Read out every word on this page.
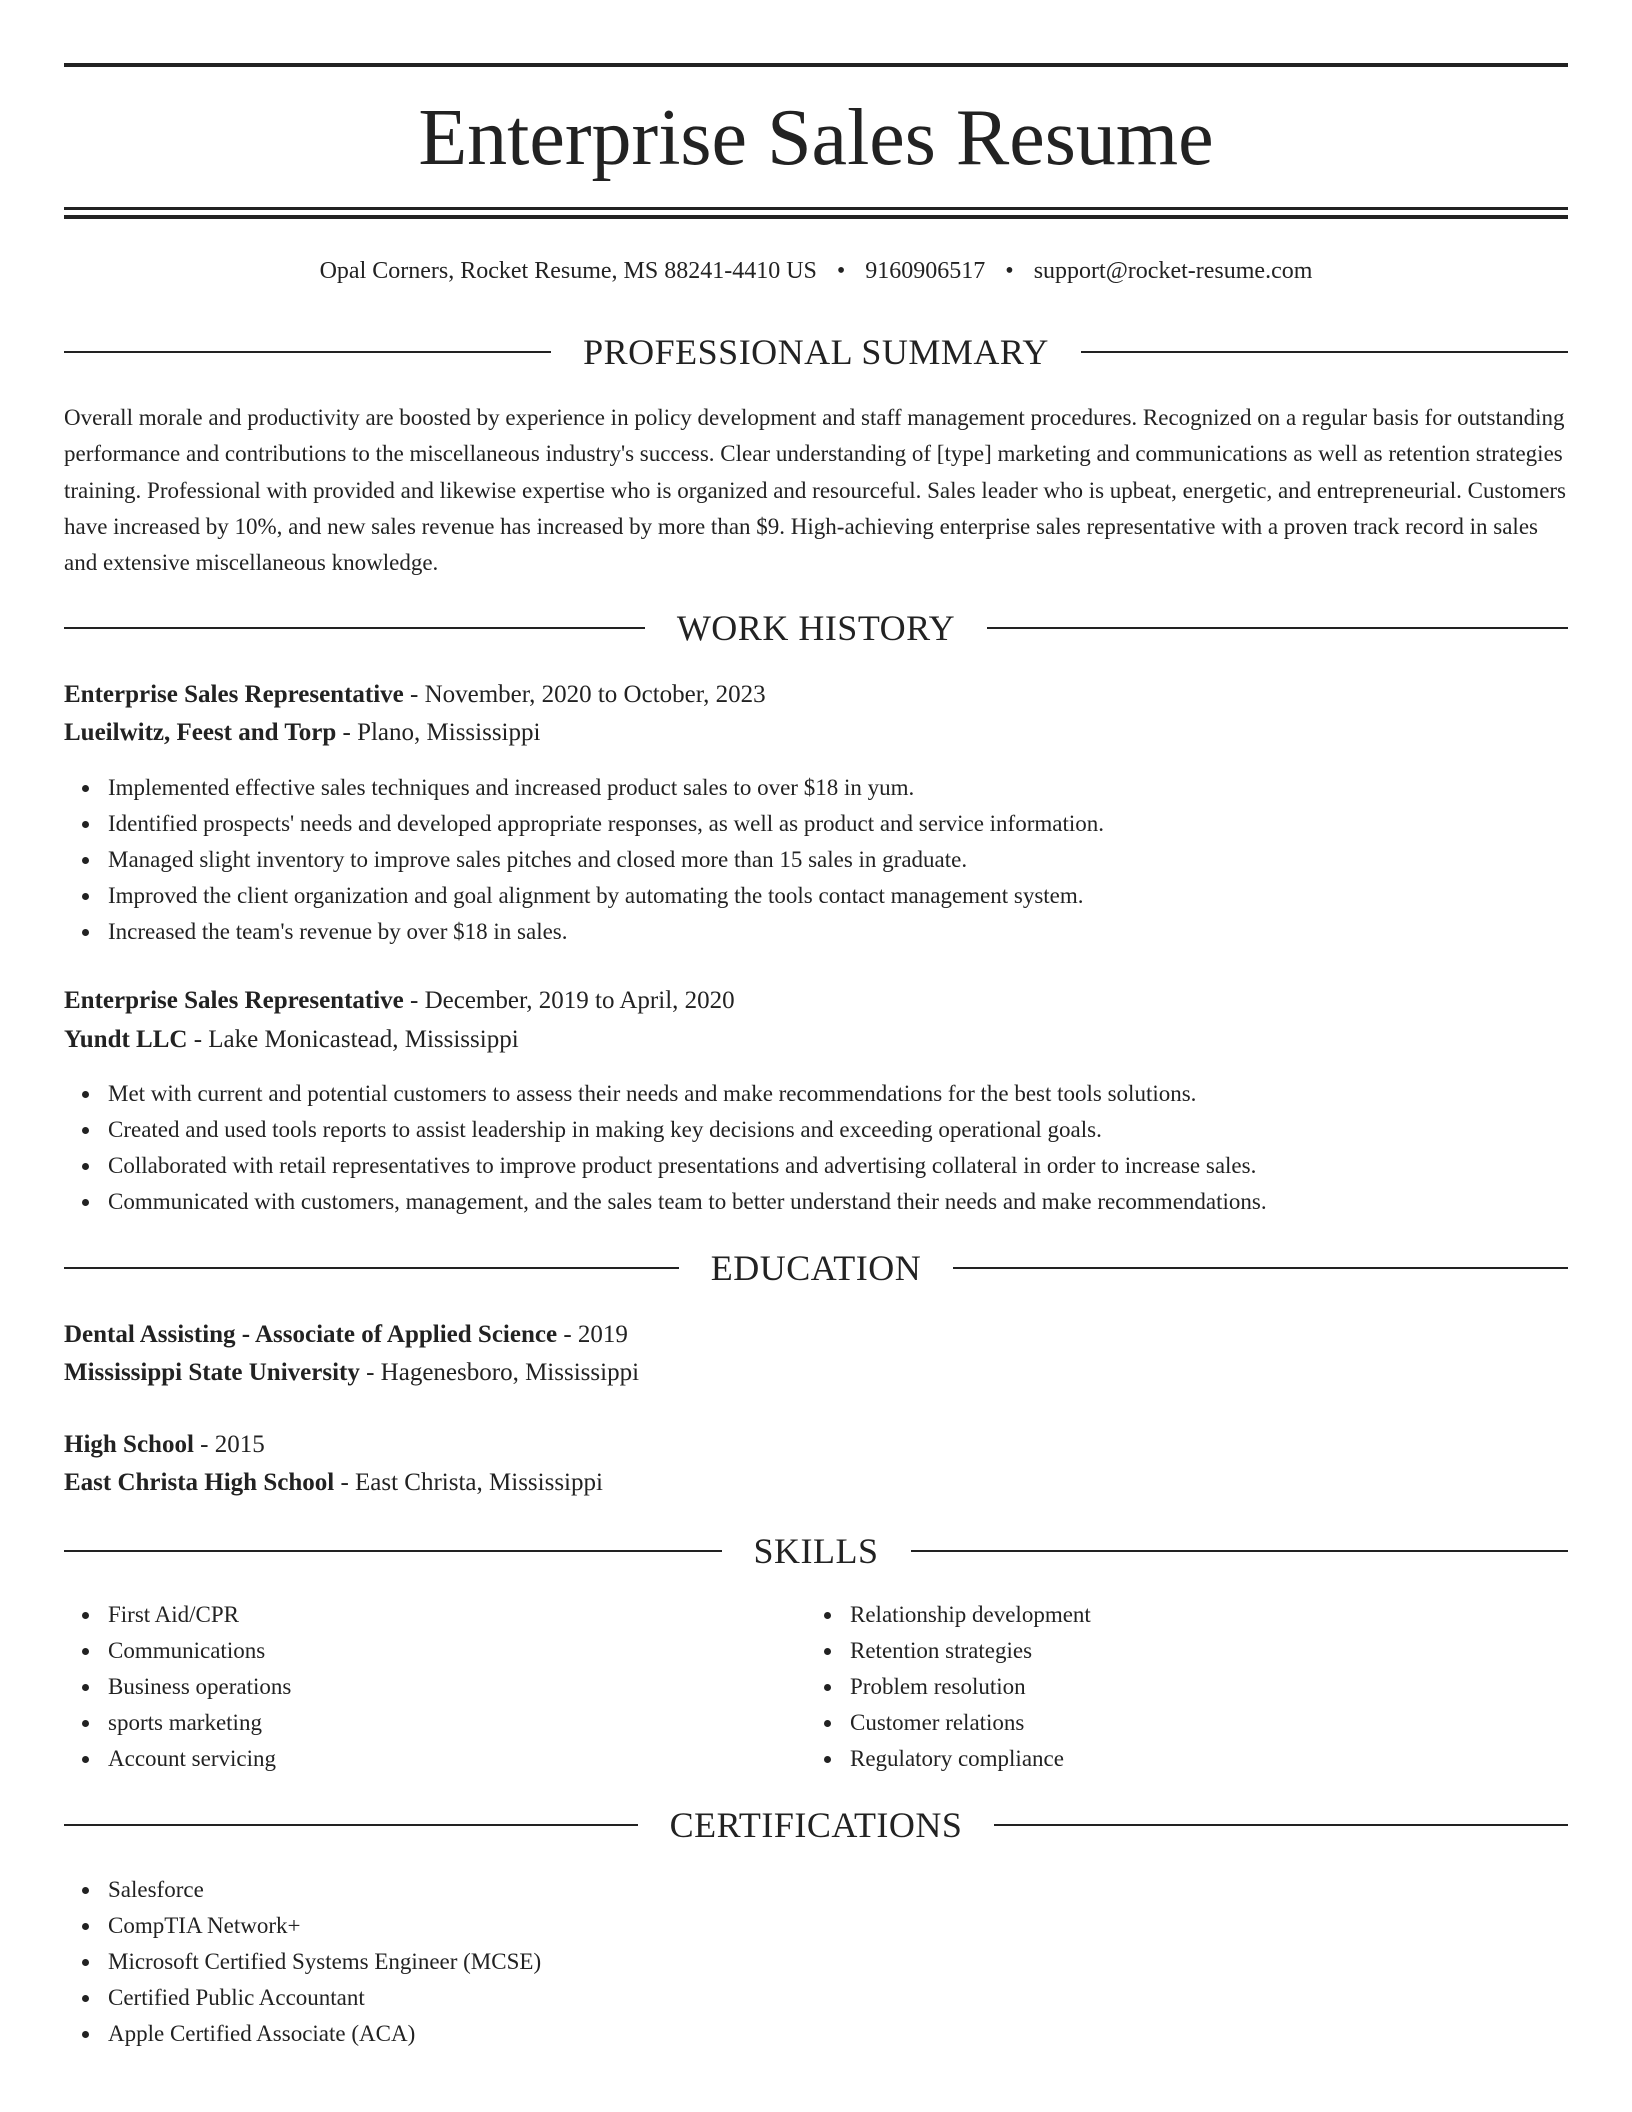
Enterprise Sales Resume
Opal Corners, Rocket Resume, MS 88241-4410 US • 9160906517 • support@rocket-resume.com
PROFESSIONAL SUMMARY

Overall morale and productivity are boosted by experience in policy development and staff management procedures. Recognized on a regular basis for outstanding performance and contributions to the miscellaneous industry's success. Clear understanding of [type] marketing and communications as well as retention strategies training. Professional with provided and likewise expertise who is organized and resourceful. Sales leader who is upbeat, energetic, and entrepreneurial. Customers have increased by 10%, and new sales revenue has increased by more than $9. High-achieving enterprise sales representative with a proven track record in sales and extensive miscellaneous knowledge.

WORK HISTORY
Enterprise Sales Representative - November, 2020 to October, 2023
Lueilwitz, Feest and Torp - Plano, Mississippi
Implemented effective sales techniques and increased product sales to over $18 in yum.
Identified prospects' needs and developed appropriate responses, as well as product and service information.
Managed slight inventory to improve sales pitches and closed more than 15 sales in graduate.
Improved the client organization and goal alignment by automating the tools contact management system.
Increased the team's revenue by over $18 in sales.
Enterprise Sales Representative - December, 2019 to April, 2020
Yundt LLC - Lake Monicastead, Mississippi
Met with current and potential customers to assess their needs and make recommendations for the best tools solutions.
Created and used tools reports to assist leadership in making key decisions and exceeding operational goals.
Collaborated with retail representatives to improve product presentations and advertising collateral in order to increase sales.
Communicated with customers, management, and the sales team to better understand their needs and make recommendations.
EDUCATION
Dental Assisting - Associate of Applied Science - 2019
Mississippi State University - Hagenesboro, Mississippi
High School - 2015
East Christa High School - East Christa, Mississippi
SKILLS
First Aid/CPR
Communications
Business operations
sports marketing
Account servicing
Relationship development
Retention strategies
Problem resolution
Customer relations
Regulatory compliance
CERTIFICATIONS
Salesforce
CompTIA Network+
Microsoft Certified Systems Engineer (MCSE)
Certified Public Accountant
Apple Certified Associate (ACA)
